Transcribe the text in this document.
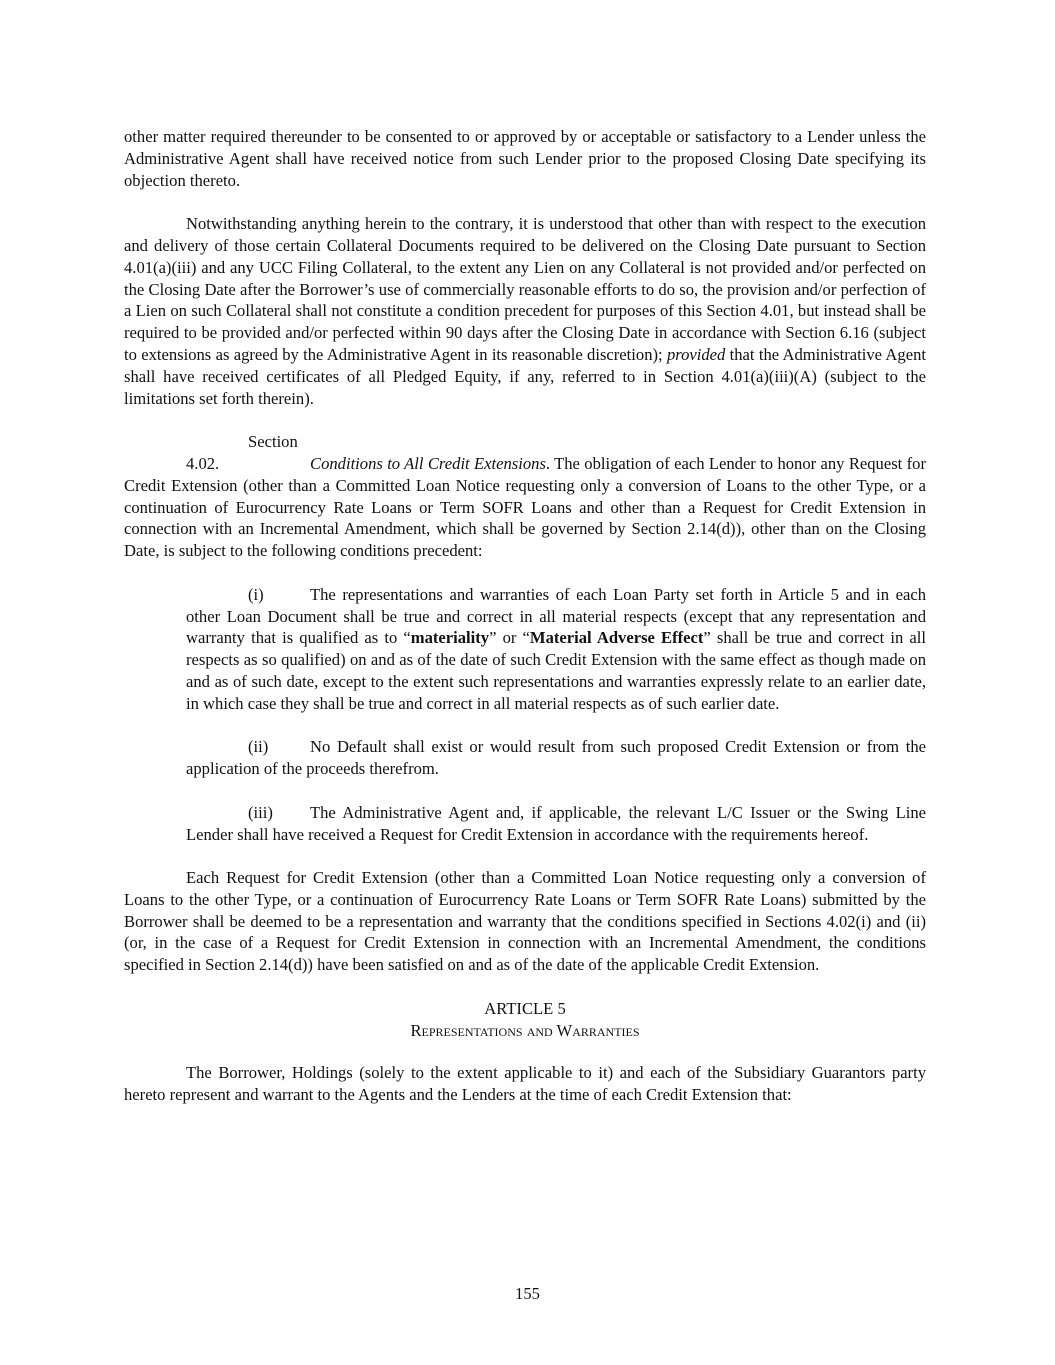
other matter required thereunder to be consented to or approved by or acceptable or satisfactory to a Lender unless the Administrative Agent shall have received notice from such Lender prior to the proposed Closing Date specifying its objection thereto.

Notwithstanding anything herein to the contrary, it is understood that other than with respect to the execution and delivery of those certain Collateral Documents required to be delivered on the Closing Date pursuant to Section 4.01(a)(iii) and any UCC Filing Collateral, to the extent any Lien on any Collateral is not provided and/or perfected on the Closing Date after the Borrower’s use of commercially reasonable efforts to do so, the provision and/or perfection of a Lien on such Collateral shall not constitute a condition precedent for purposes of this Section 4.01, but instead shall be required to be provided and/or perfected within 90 days after the Closing Date in accordance with Section 6.16 (subject to extensions as agreed by the Administrative Agent in its reasonable discretion); provided that the Administrative Agent shall have received certificates of all Pledged Equity, if any, referred to in Section 4.01(a)(iii)(A) (subject to the limitations set forth therein).

Section 4.02.	Conditions to All Credit Extensions. The obligation of each Lender to honor any Request for Credit Extension (other than a Committed Loan Notice requesting only a conversion of Loans to the other Type, or a continuation of Eurocurrency Rate Loans or Term SOFR Loans and other than a Request for Credit Extension in connection with an Incremental Amendment, which shall be governed by Section 2.14(d)), other than on the Closing Date, is subject to the following conditions precedent:

(i)	The representations and warranties of each Loan Party set forth in Article 5 and in each other Loan Document shall be true and correct in all material respects (except that any representation and warranty that is qualified as to “materiality” or “Material Adverse Effect” shall be true and correct in all respects as so qualified) on and as of the date of such Credit Extension with the same effect as though made on and as of such date, except to the extent such representations and warranties expressly relate to an earlier date, in which case they shall be true and correct in all material respects as of such earlier date.

(ii)	No Default shall exist or would result from such proposed Credit Extension or from the application of the proceeds therefrom.

(iii) The Administrative Agent and, if applicable, the relevant L/C Issuer or the Swing Line Lender shall have received a Request for Credit Extension in accordance with the requirements hereof.

Each Request for Credit Extension (other than a Committed Loan Notice requesting only a conversion of Loans to the other Type, or a continuation of Eurocurrency Rate Loans or Term SOFR Rate Loans) submitted by the Borrower shall be deemed to be a representation and warranty that the conditions specified in Sections 4.02(i) and (ii) (or, in the case of a Request for Credit Extension in connection with an Incremental Amendment, the conditions specified in Section 2.14(d)) have been satisfied on and as of the date of the applicable Credit Extension.

ARTICLE 5

Representations and Warranties

The Borrower, Holdings (solely to the extent applicable to it) and each of the Subsidiary Guarantors party hereto represent and warrant to the Agents and the Lenders at the time of each Credit Extension that:

155
